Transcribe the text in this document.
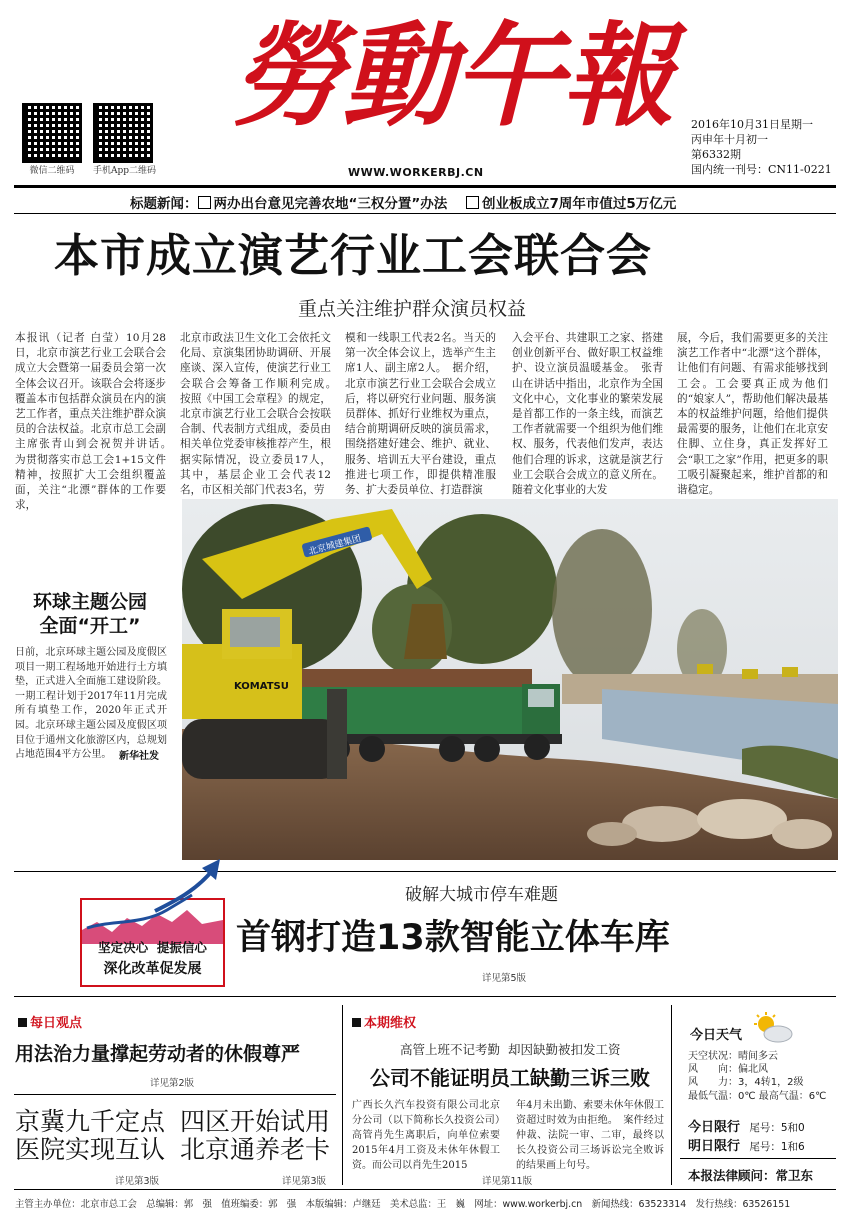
微信二维码	手机App二维码
勞動午報
WWW.WORKERBJ.CN
2016年10月31日星期一
丙申年十月初一
第6332期
国内统一刊号：CN11-0221
标题新闻： 两办出台意见完善农地“三权分置”办法	创业板成立7周年市值过5万亿元
本市成立演艺行业工会联合会
重点关注维护群众演员权益
本报讯（记者 白莹）10月28日，北京市演艺行业工会联合会成立大会暨第一届委员会第一次全体会议召开。该联合会将逐步覆盖本市包括群众演员在内的演艺工作者，重点关注维护群众演员的合法权益。北京市总工会副主席张青山到会祝贺并讲话。　为贯彻落实市总工会1+15文件精神，按照扩大工会组织覆盖面，关注“北漂”群体的工作要求，
北京市政法卫生文化工会依托文化局、京演集团协助调研、开展座谈、深入宣传，使演艺行业工会联合会筹备工作顺利完成。　按照《中国工会章程》的规定，北京市演艺行业工会联合会按联合制、代表制方式组成，委员由相关单位党委审核推荐产生，根据实际情况，设立委员17人，其中，基层企业工会代表12名，市区相关部门代表3名，劳
模和一线职工代表2名。当天的第一次全体会议上，选举产生主席1人、副主席2人。　据介绍，北京市演艺行业工会联合会成立后，将以研究行业问题、服务演员群体、抓好行业维权为重点，结合前期调研反映的演员需求，围绕搭建好建会、维护、就业、服务、培训五大平台建设，重点推进七项工作，即提供精准服务、扩大委员单位、打造群演
入会平台、共建职工之家、搭建创业创新平台、做好职工权益维护、设立演员温暖基金。　张青山在讲话中指出，北京作为全国文化中心，文化事业的繁荣发展是首都工作的一条主线，而演艺工作者就需要一个组织为他们维权、服务，代表他们发声，表达他们合理的诉求，这就是演艺行业工会联合会成立的意义所在。随着文化事业的大发
展，今后，我们需要更多的关注演艺工作者中“北漂”这个群体，让他们有问题、有需求能够找到工会。工会要真正成为他们的“娘家人”，帮助他们解决最基本的权益维护问题，给他们提供最需要的服务，让他们在北京安住脚、立住身，真正发挥好工会“职工之家”作用，把更多的职工吸引凝聚起来，维护首都的和谐稳定。
环球主题公园
全面“开工”
日前，北京环球主题公园及度假区项目一期工程场地开始进行土方填垫，正式进入全面施工建设阶段。一期工程计划于2017年11月完成所有填垫工作，2020年正式开园。北京环球主题公园及度假区项目位于通州文化旅游区内，总规划占地范围4平方公里。 新华社发
KOMATSU
北京城建集团
坚定决心  提振信心
深化改革促发展
破解大城市停车难题
首钢打造13款智能立体车库
详见第5版
每日观点
用法治力量撑起劳动者的休假尊严
详见第2版
京冀九千定点
医院实现互认
详见第3版
四区开始试用
北京通养老卡
详见第3版
本期维权
高管上班不记考勤  却因缺勤被扣发工资
公司不能证明员工缺勤三诉三败
广西长久汽车投资有限公司北京分公司（以下简称长久投资公司）高管肖先生离职后，向单位索要2015年4月工资及未休年休假工资。而公司以肖先生2015
年4月未出勤、索要未休年休假工资超过时效为由拒绝。　案件经过仲裁、法院一审、二审，最终以长久投资公司三场诉讼完全败诉的结果画上句号。
详见第11版
今日天气
天空状况：晴间多云
风　　向：偏北风
风　　力：3，4转1，2级
最低气温：0℃ 最高气温：6℃
今日限行 尾号：5和0
明日限行 尾号：1和6
本报法律顾问：常卫东
主管主办单位：北京市总工会　总编辑：郭　强　值班编委：郭　强　本版编辑：卢继廷　美术总监：王　巍　网址：www.workerbj.cn　新闻热线：63523314　发行热线：63526151
